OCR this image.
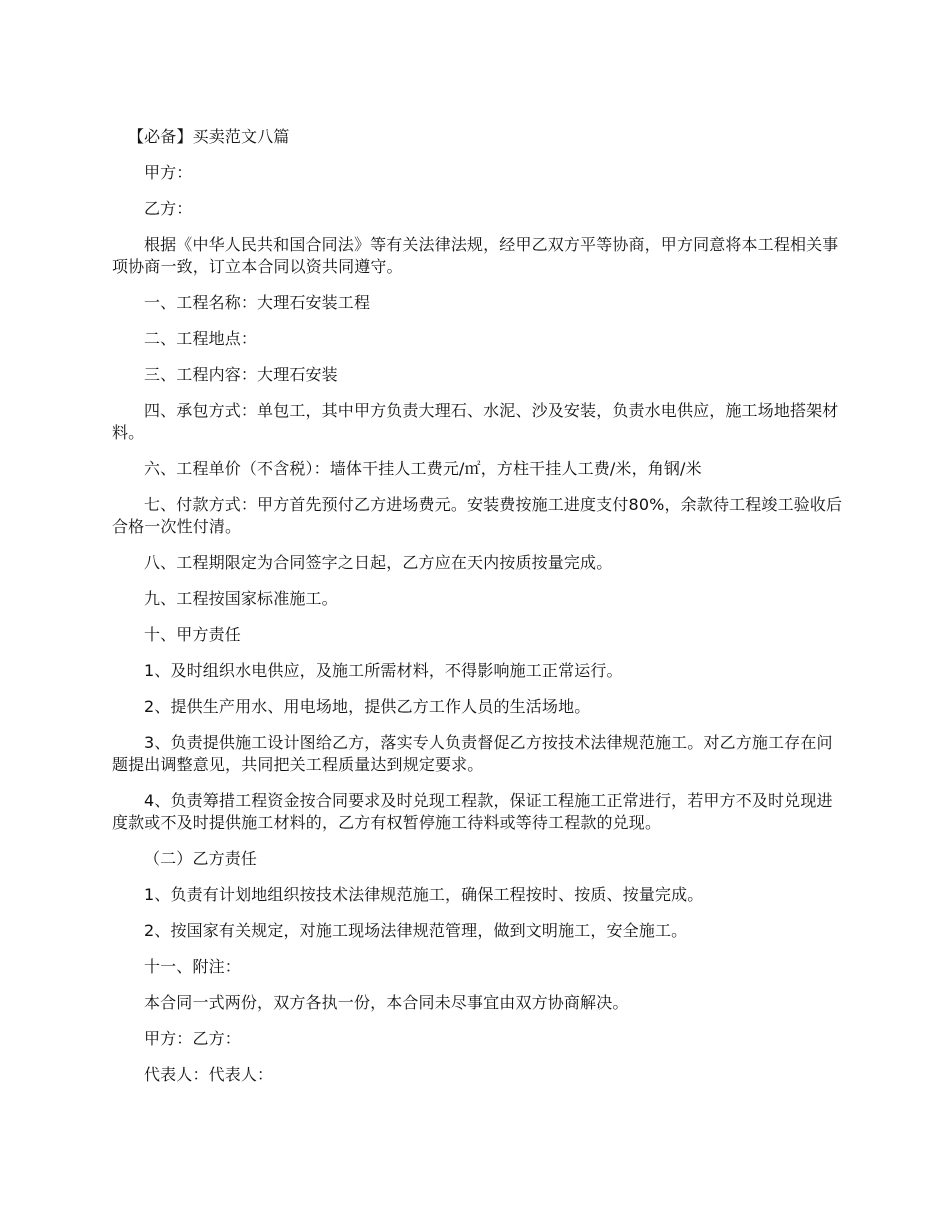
【必备】买卖范文八篇

甲方：

乙方：

根据《中华人民共和国合同法》等有关法律法规，经甲乙双方平等协商，甲方同意将本工程相关事项协商一致，订立本合同以资共同遵守。

一、工程名称：大理石安装工程

二、工程地点：

三、工程内容：大理石安装

四、承包方式：单包工，其中甲方负责大理石、水泥、沙及安装，负责水电供应，施工场地搭架材料。

六、工程单价（不含税）：墙体干挂人工费元/㎡，方柱干挂人工费/米，角钢/米

七、付款方式：甲方首先预付乙方进场费元。安装费按施工进度支付80%，余款待工程竣工验收后合格一次性付清。

八、工程期限定为合同签字之日起，乙方应在天内按质按量完成。

九、工程按国家标准施工。

十、甲方责任

1、及时组织水电供应，及施工所需材料，不得影响施工正常运行。

2、提供生产用水、用电场地，提供乙方工作人员的生活场地。

3、负责提供施工设计图给乙方，落实专人负责督促乙方按技术法律规范施工。对乙方施工存在问题提出调整意见，共同把关工程质量达到规定要求。

4、负责筹措工程资金按合同要求及时兑现工程款，保证工程施工正常进行，若甲方不及时兑现进度款或不及时提供施工材料的，乙方有权暂停施工待料或等待工程款的兑现。

（二）乙方责任

1、负责有计划地组织按技术法律规范施工，确保工程按时、按质、按量完成。

2、按国家有关规定，对施工现场法律规范管理，做到文明施工，安全施工。

十一、附注：

本合同一式两份，双方各执一份，本合同未尽事宜由双方协商解决。

甲方：乙方：

代表人：代表人：
